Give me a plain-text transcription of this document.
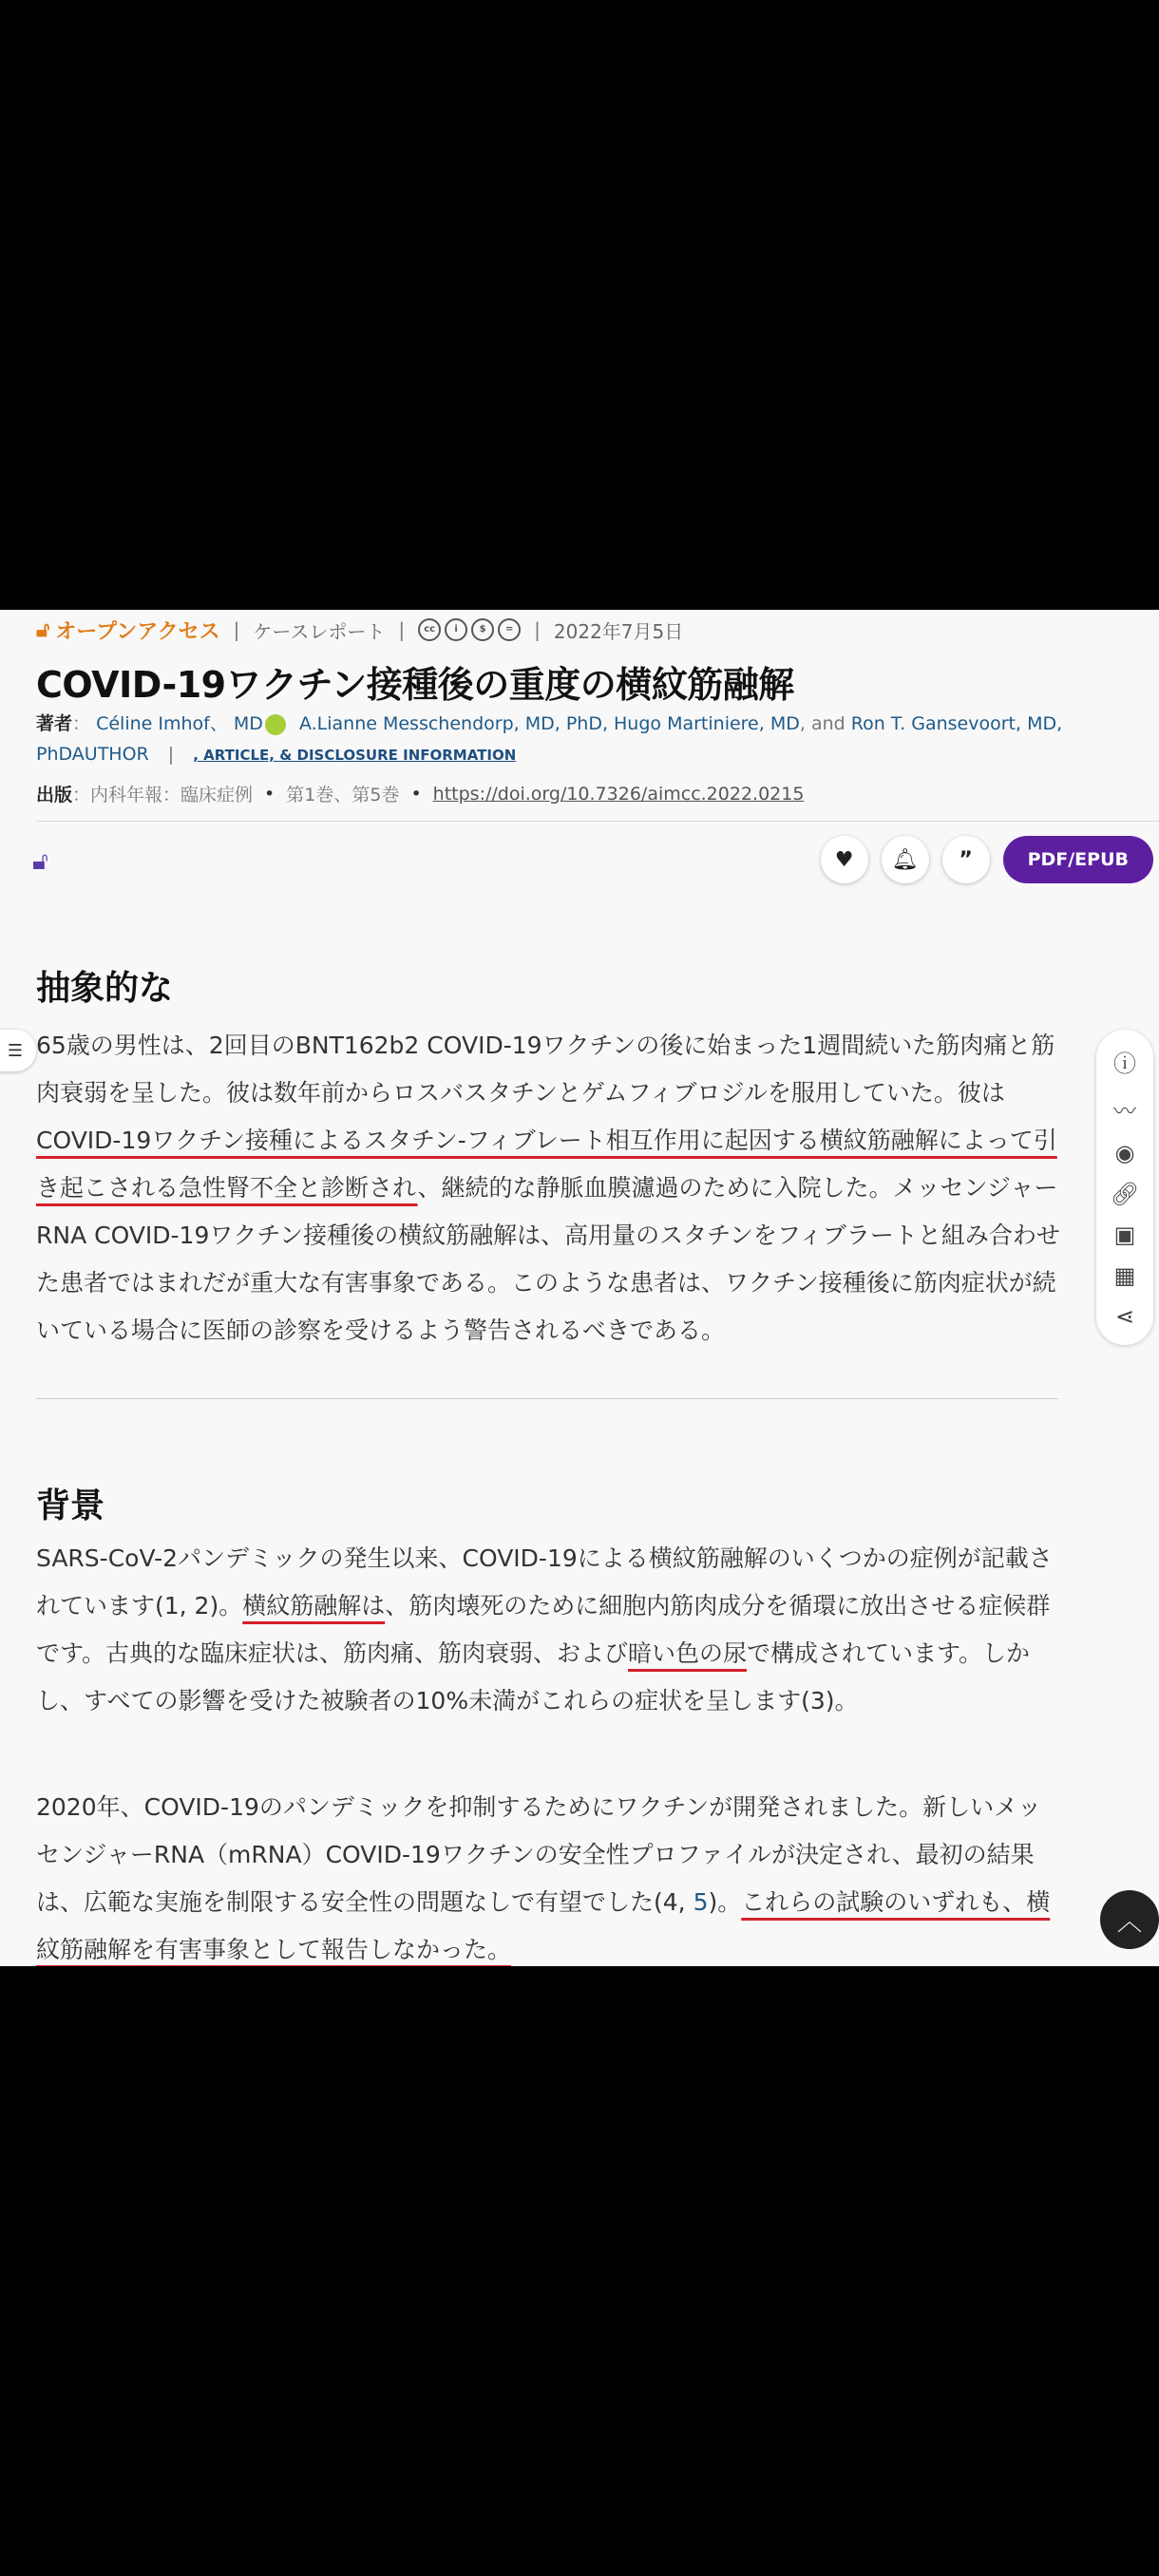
🔓︎ オープンアクセス | ケースレポート |	cc	i	$	=	| 2022年7月5日
COVID-19ワクチン接種後の重度の横紋筋融解
著者： Céline Imhof、 MD A.Lianne Messchendorp, MD, PhD, Hugo Martiniere, MD, and Ron T. Gansevoort, MD,
PhDAUTHOR | , ARTICLE, & DISCLOSURE INFORMATION
出版 ： 内科年報：臨床症例 • 第1巻、第5巻 • https://doi.org/10.7326/aimcc.2022.0215
🔓︎	♥	🔔︎	”	PDF/EPUB
抽象的な
65歳の男性は、2回目のBNT162b2 COVID-19ワクチンの後に始まった1週間続いた筋肉痛と筋肉衰弱を呈した。彼は数年前からロスバスタチンとゲムフィブロジルを服用していた。彼はCOVID-19ワクチン接種によるスタチン-フィブレート相互作用に起因する横紋筋融解によって引き起こされる急性腎不全と診断され、継続的な静脈血膜濾過のために入院した。メッセンジャーRNA COVID-19ワクチン接種後の横紋筋融解は、高用量のスタチンをフィブラートと組み合わせた患者ではまれだが重大な有害事象である。このような患者は、ワクチン接種後に筋肉症状が続いている場合に医師の診察を受けるよう警告されるべきである。
背景
SARS-CoV-2パンデミックの発生以来、COVID-19による横紋筋融解のいくつかの症例が記載されています(1, 2)。横紋筋融解は、筋肉壊死のために細胞内筋肉成分を循環に放出させる症候群です。古典的な臨床症状は、筋肉痛、筋肉衰弱、および暗い色の尿で構成されています。しかし、すべての影響を受けた被験者の10%未満がこれらの症状を呈します(3)。
2020年、COVID-19のパンデミックを抑制するためにワクチンが開発されました。新しいメッセンジャーRNA（mRNA）COVID-19ワクチンの安全性プロファイルが決定され、最初の結果は、広範な実施を制限する安全性の問題なしで有望でした(4, 5)。これらの試験のいずれも、横紋筋融解を有害事象として報告しなかった。
☰	ⓘ
〰
◉
🔗︎
▣
▦
⋖
︿
